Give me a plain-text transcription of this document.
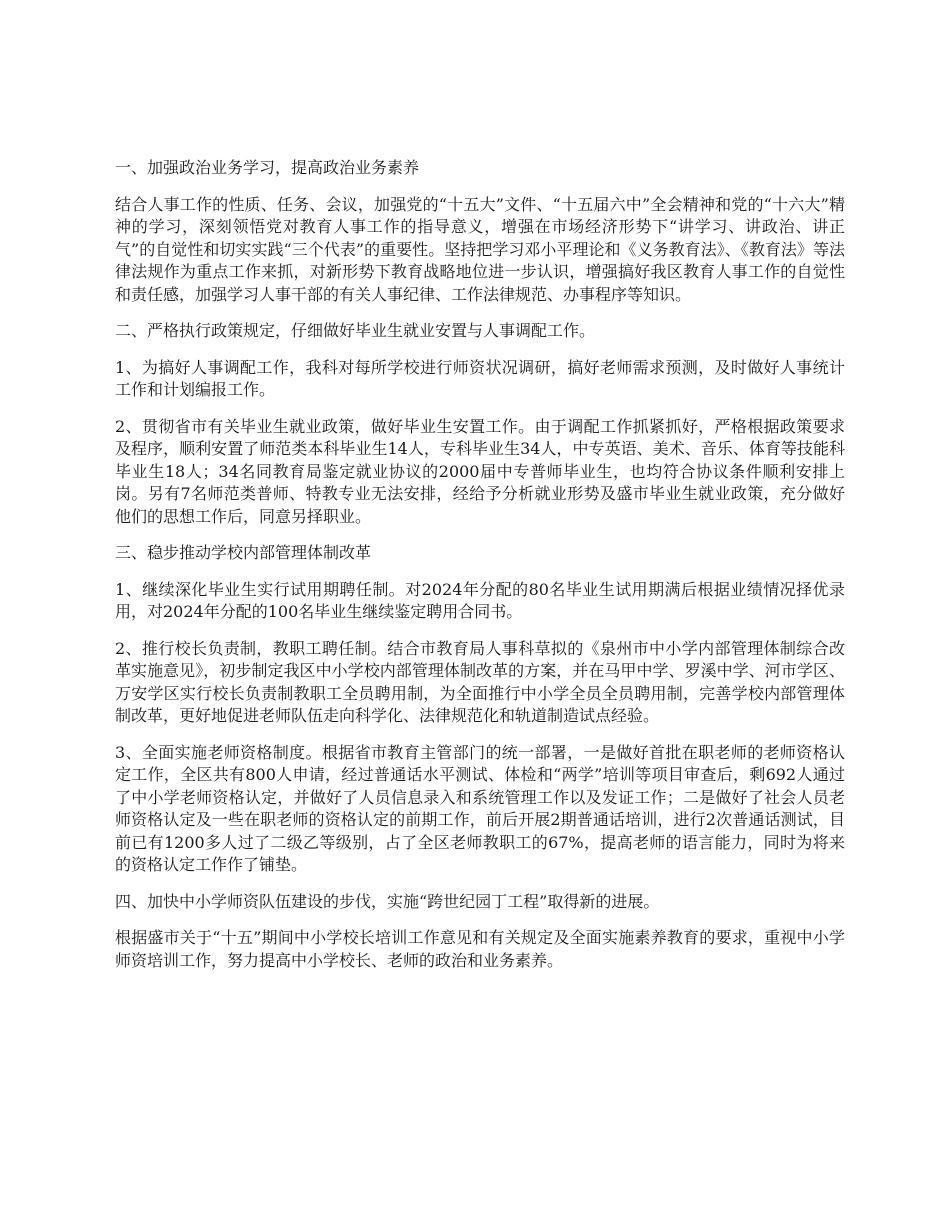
一、加强政治业务学习，提高政治业务素养

结合人事工作的性质、任务、会议，加强党的“十五大”文件、“十五届六中”全会精神和党的“十六大”精神的学习，深刻领悟党对教育人事工作的指导意义，增强在市场经济形势下“讲学习、讲政治、讲正气”的自觉性和切实实践“三个代表”的重要性。坚持把学习邓小平理论和《义务教育法》、《教育法》等法律法规作为重点工作来抓，对新形势下教育战略地位进一步认识，增强搞好我区教育人事工作的自觉性和责任感，加强学习人事干部的有关人事纪律、工作法律规范、办事程序等知识。

二、严格执行政策规定，仔细做好毕业生就业安置与人事调配工作。

1、为搞好人事调配工作，我科对每所学校进行师资状况调研，搞好老师需求预测，及时做好人事统计工作和计划编报工作。

2、贯彻省市有关毕业生就业政策，做好毕业生安置工作。由于调配工作抓紧抓好，严格根据政策要求及程序，顺利安置了师范类本科毕业生14人，专科毕业生34人，中专英语、美术、音乐、体育等技能科毕业生18人；34名同教育局鉴定就业协议的2000届中专普师毕业生，也均符合协议条件顺利安排上岗。另有7名师范类普师、特教专业无法安排，经给予分析就业形势及盛市毕业生就业政策，充分做好他们的思想工作后，同意另择职业。

三、稳步推动学校内部管理体制改革

1、继续深化毕业生实行试用期聘任制。对2024年分配的80名毕业生试用期满后根据业绩情况择优录用，对2024年分配的100名毕业生继续鉴定聘用合同书。

2、推行校长负责制，教职工聘任制。结合市教育局人事科草拟的《泉州市中小学内部管理体制综合改革实施意见》，初步制定我区中小学校内部管理体制改革的方案，并在马甲中学、罗溪中学、河市学区、万安学区实行校长负责制教职工全员聘用制，为全面推行中小学全员全员聘用制，完善学校内部管理体制改革，更好地促进老师队伍走向科学化、法律规范化和轨道制造试点经验。

3、全面实施老师资格制度。根据省市教育主管部门的统一部署，一是做好首批在职老师的老师资格认定工作，全区共有800人申请，经过普通话水平测试、体检和“两学”培训等项目审查后，剩692人通过了中小学老师资格认定，并做好了人员信息录入和系统管理工作以及发证工作；二是做好了社会人员老师资格认定及一些在职老师的资格认定的前期工作，前后开展2期普通话培训，进行2次普通话测试，目前已有1200多人过了二级乙等级别，占了全区老师教职工的67%，提高老师的语言能力，同时为将来的资格认定工作作了铺垫。

四、加快中小学师资队伍建设的步伐，实施“跨世纪园丁工程”取得新的进展。

根据盛市关于“十五”期间中小学校长培训工作意见和有关规定及全面实施素养教育的要求，重视中小学师资培训工作，努力提高中小学校长、老师的政治和业务素养。
